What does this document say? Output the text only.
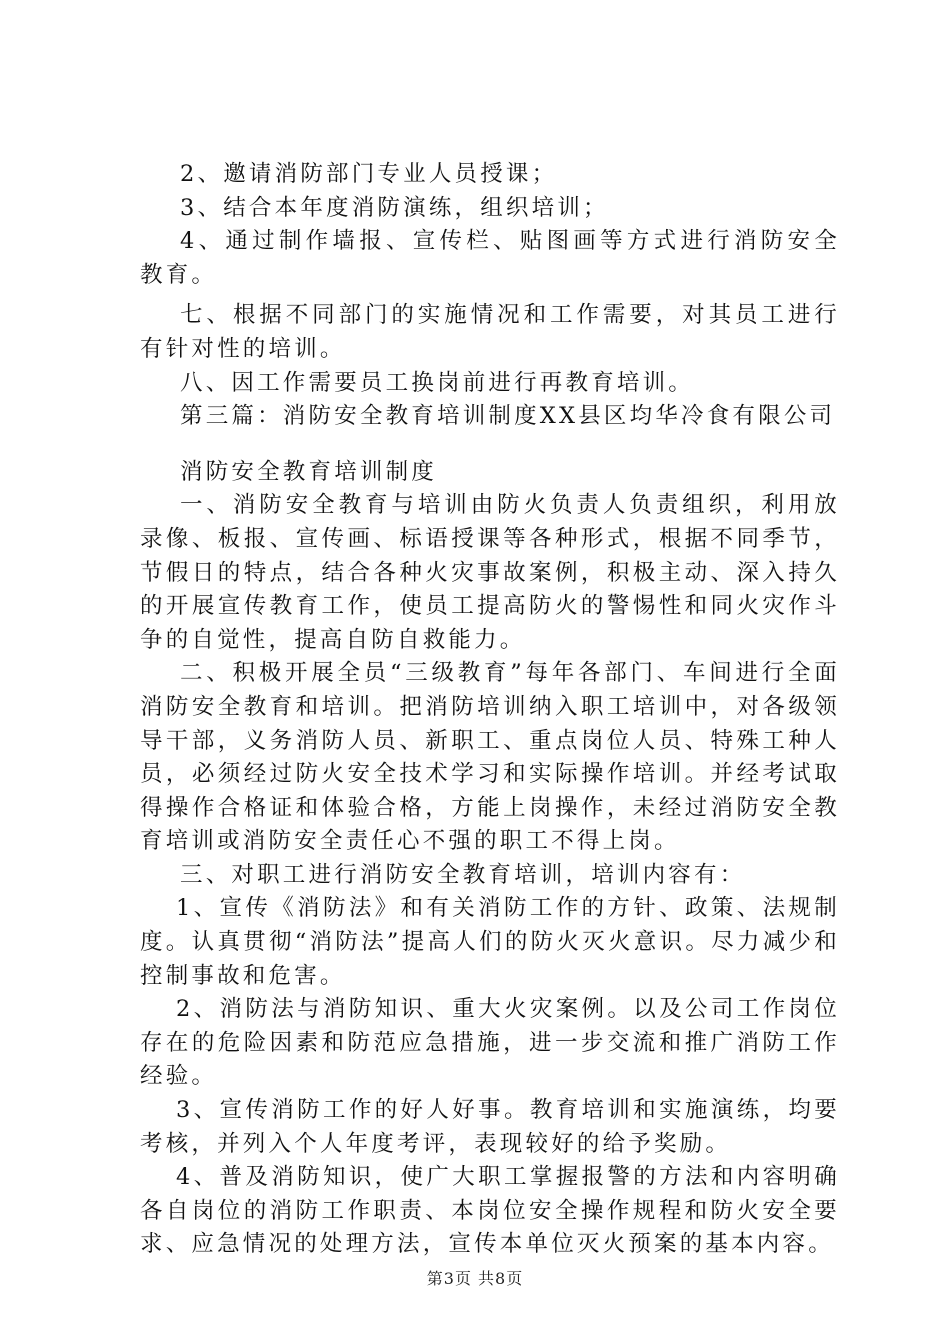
2、邀请消防部门专业人员授课；

3、结合本年度消防演练，组织培训；

4、通过制作墙报、宣传栏、贴图画等方式进行消防安全教育。

七、根据不同部门的实施情况和工作需要，对其员工进行有针对性的培训。

八、因工作需要员工换岗前进行再教育培训。

第三篇：消防安全教育培训制度XX县区均华冷食有限公司

消防安全教育培训制度

一、消防安全教育与培训由防火负责人负责组织，利用放录像、板报、宣传画、标语授课等各种形式，根据不同季节，节假日的特点，结合各种火灾事故案例，积极主动、深入持久的开展宣传教育工作，使员工提高防火的警惕性和同火灾作斗争的自觉性，提高自防自救能力。

二、积极开展全员“三级教育”每年各部门、车间进行全面消防安全教育和培训。把消防培训纳入职工培训中，对各级领导干部，义务消防人员、新职工、重点岗位人员、特殊工种人员，必须经过防火安全技术学习和实际操作培训。并经考试取得操作合格证和体验合格，方能上岗操作，未经过消防安全教育培训或消防安全责任心不强的职工不得上岗。

三、对职工进行消防安全教育培训，培训内容有：

1、宣传《消防法》和有关消防工作的方针、政策、法规制度。认真贯彻“消防法”提高人们的防火灭火意识。尽力减少和控制事故和危害。

2、消防法与消防知识、重大火灾案例。以及公司工作岗位存在的危险因素和防范应急措施，进一步交流和推广消防工作经验。

3、宣传消防工作的好人好事。教育培训和实施演练，均要考核，并列入个人年度考评，表现较好的给予奖励。

4、普及消防知识，使广大职工掌握报警的方法和内容明确各自岗位的消防工作职责、本岗位安全操作规程和防火安全要求、应急情况的处理方法，宣传本单位灭火预案的基本内容。

第3页 共8页
